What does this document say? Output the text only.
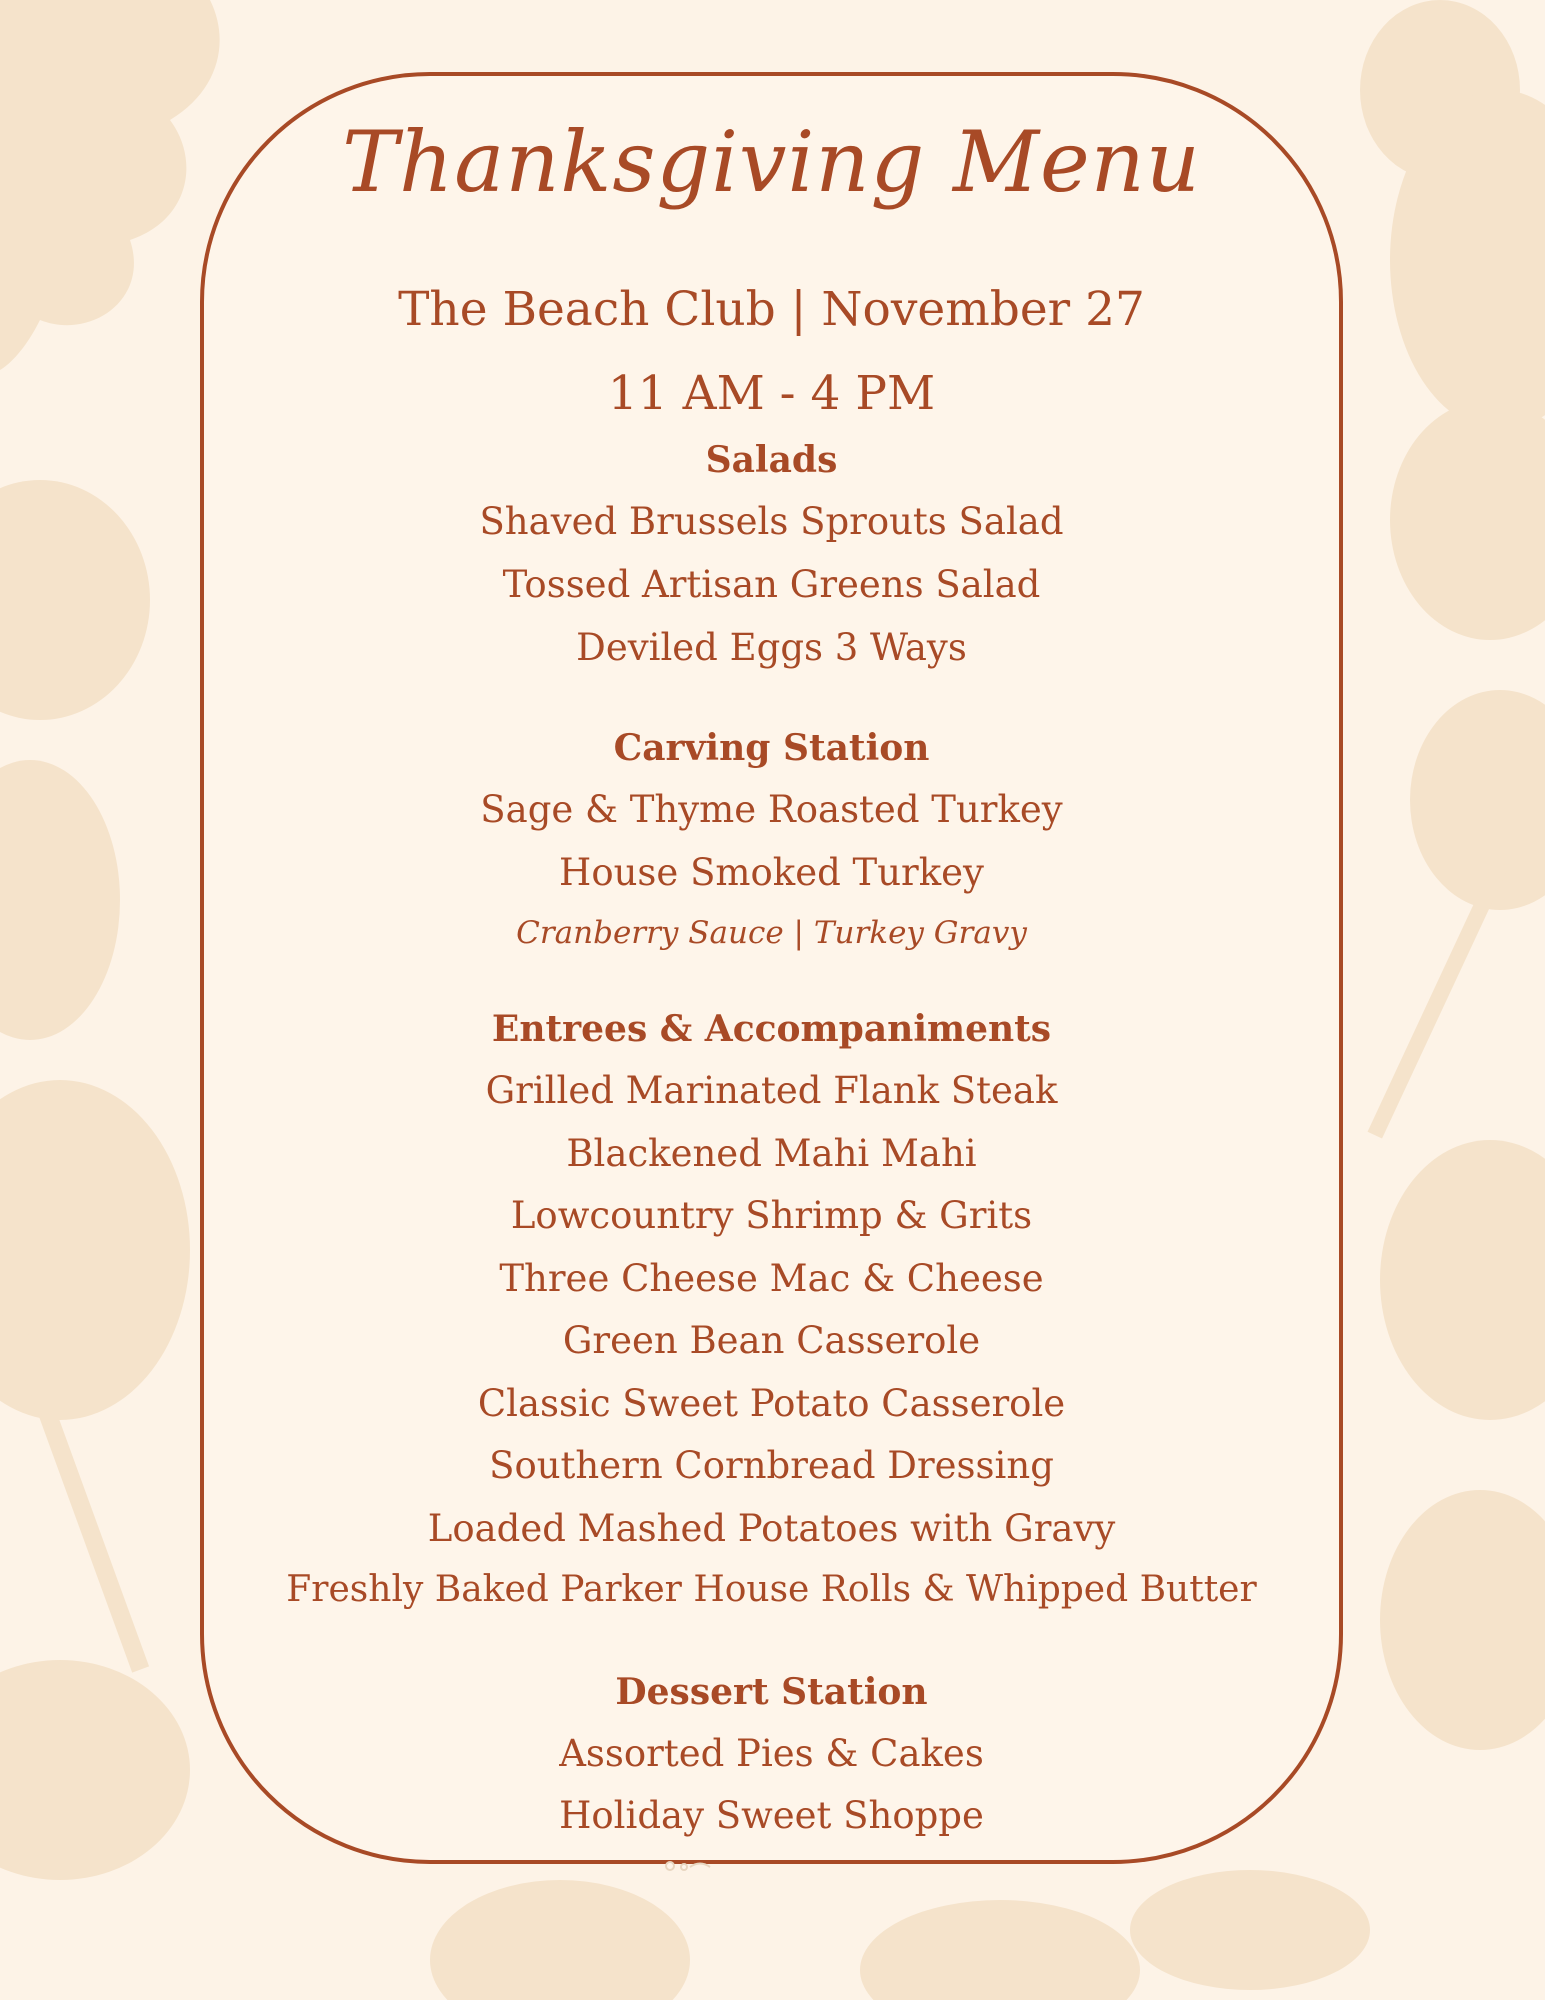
Thanksgiving Menu
The Beach Club | November 27
11 AM - 4 PM
Salads
Shaved Brussels Sprouts Salad
Tossed Artisan Greens Salad
Deviled Eggs 3 Ways
Carving Station
Sage & Thyme Roasted Turkey
House Smoked Turkey
Cranberry Sauce | Turkey Gravy
Entrees & Accompaniments
Grilled Marinated Flank Steak
Blackened Mahi Mahi
Lowcountry Shrimp & Grits
Three Cheese Mac & Cheese
Green Bean Casserole
Classic Sweet Potato Casserole
Southern Cornbread Dressing
Loaded Mashed Potatoes with Gravy
Freshly Baked Parker House Rolls & Whipped Butter
Dessert Station
Assorted Pies & Cakes
Holiday Sweet Shoppe
